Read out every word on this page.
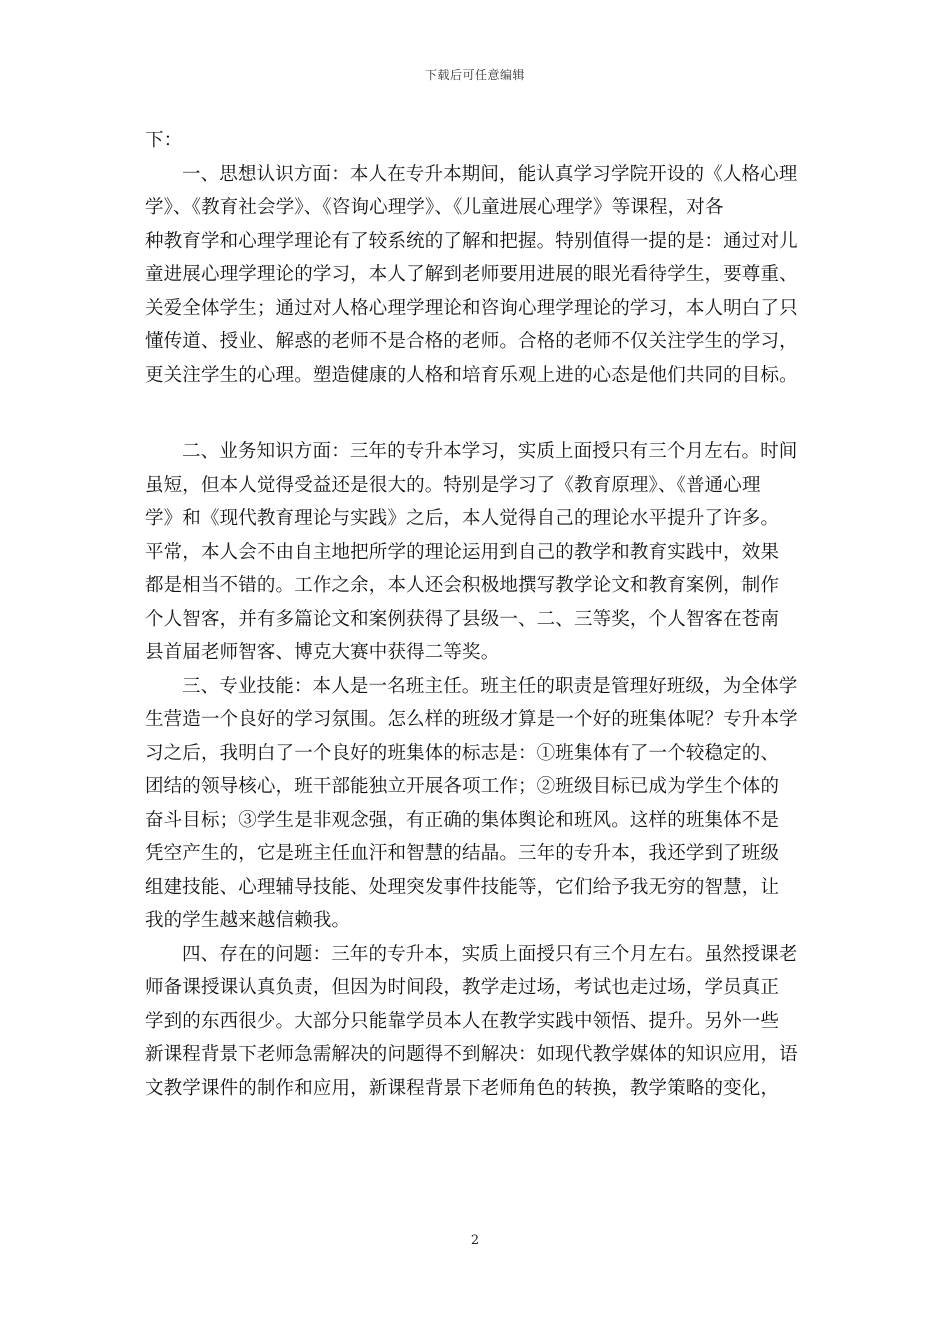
下载后可任意编辑
下：
一、思想认识方面：本人在专升本期间，能认真学习学院开设的《人格心理
学》、《教育社会学》、《咨询心理学》、《儿童进展心理学》等课程，对各
种教育学和心理学理论有了较系统的了解和把握。特别值得一提的是：通过对儿
童进展心理学理论的学习，本人了解到老师要用进展的眼光看待学生，要尊重、
关爱全体学生；通过对人格心理学理论和咨询心理学理论的学习，本人明白了只
懂传道、授业、解惑的老师不是合格的老师。合格的老师不仅关注学生的学习，
更关注学生的心理。塑造健康的人格和培育乐观上进的心态是他们共同的目标。
二、业务知识方面：三年的专升本学习，实质上面授只有三个月左右。时间
虽短，但本人觉得受益还是很大的。特别是学习了《教育原理》、《普通心理
学》和《现代教育理论与实践》之后，本人觉得自己的理论水平提升了许多。
平常，本人会不由自主地把所学的理论运用到自己的教学和教育实践中，效果
都是相当不错的。工作之余，本人还会积极地撰写教学论文和教育案例，制作
个人智客，并有多篇论文和案例获得了县级一、二、三等奖，个人智客在苍南
县首届老师智客、博克大赛中获得二等奖。
三、专业技能：本人是一名班主任。班主任的职责是管理好班级，为全体学
生营造一个良好的学习氛围。怎么样的班级才算是一个好的班集体呢？专升本学
习之后，我明白了一个良好的班集体的标志是：①班集体有了一个较稳定的、
团结的领导核心，班干部能独立开展各项工作；②班级目标已成为学生个体的
奋斗目标；③学生是非观念强，有正确的集体舆论和班风。这样的班集体不是
凭空产生的，它是班主任血汗和智慧的结晶。三年的专升本，我还学到了班级
组建技能、心理辅导技能、处理突发事件技能等，它们给予我无穷的智慧，让
我的学生越来越信赖我。
四、存在的问题：三年的专升本，实质上面授只有三个月左右。虽然授课老
师备课授课认真负责，但因为时间段，教学走过场，考试也走过场，学员真正
学到的东西很少。大部分只能靠学员本人在教学实践中领悟、提升。另外一些
新课程背景下老师急需解决的问题得不到解决：如现代教学媒体的知识应用，语
文教学课件的制作和应用，新课程背景下老师角色的转换，教学策略的变化，
2
